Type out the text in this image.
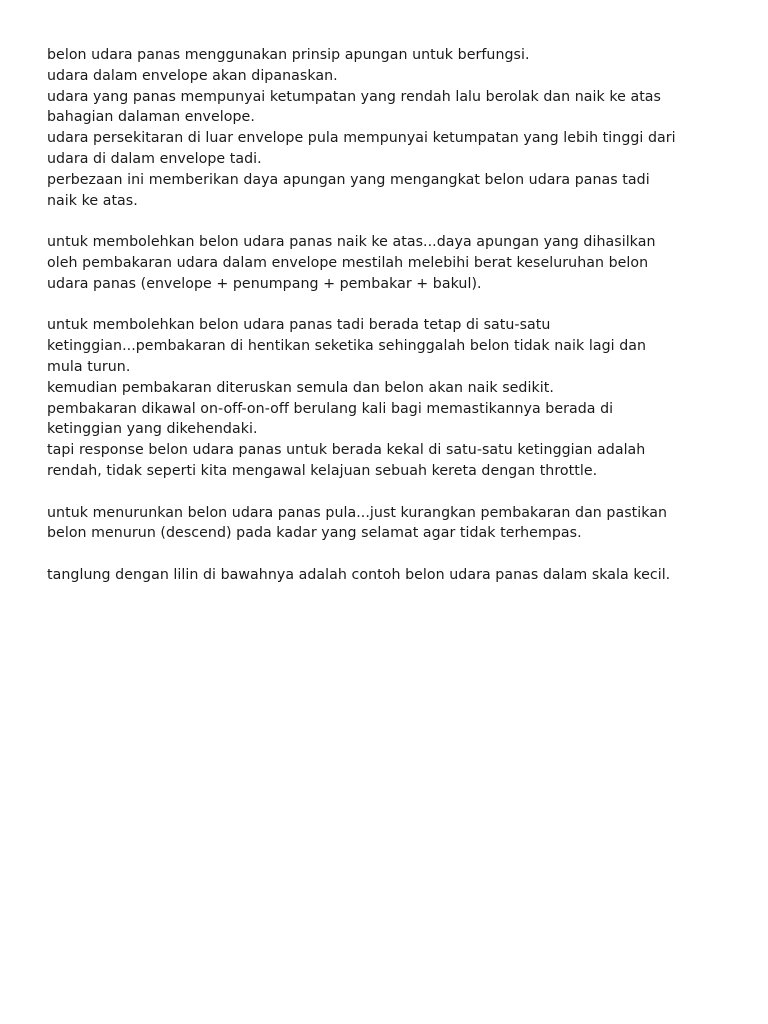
belon udara panas menggunakan prinsip apungan untuk berfungsi.
udara dalam envelope akan dipanaskan.
udara yang panas mempunyai ketumpatan yang rendah lalu berolak dan naik ke atas
bahagian dalaman envelope.
udara persekitaran di luar envelope pula mempunyai ketumpatan yang lebih tinggi dari
udara di dalam envelope tadi.
perbezaan ini memberikan daya apungan yang mengangkat belon udara panas tadi
naik ke atas.

untuk membolehkan belon udara panas naik ke atas...daya apungan yang dihasilkan
oleh pembakaran udara dalam envelope mestilah melebihi berat keseluruhan belon
udara panas (envelope + penumpang + pembakar + bakul).

untuk membolehkan belon udara panas tadi berada tetap di satu-satu
ketinggian...pembakaran di hentikan seketika sehinggalah belon tidak naik lagi dan
mula turun.
kemudian pembakaran diteruskan semula dan belon akan naik sedikit.
pembakaran dikawal on-off-on-off berulang kali bagi memastikannya berada di
ketinggian yang dikehendaki.
tapi response belon udara panas untuk berada kekal di satu-satu ketinggian adalah
rendah, tidak seperti kita mengawal kelajuan sebuah kereta dengan throttle.

untuk menurunkan belon udara panas pula...just kurangkan pembakaran dan pastikan
belon menurun (descend) pada kadar yang selamat agar tidak terhempas.

tanglung dengan lilin di bawahnya adalah contoh belon udara panas dalam skala kecil.
